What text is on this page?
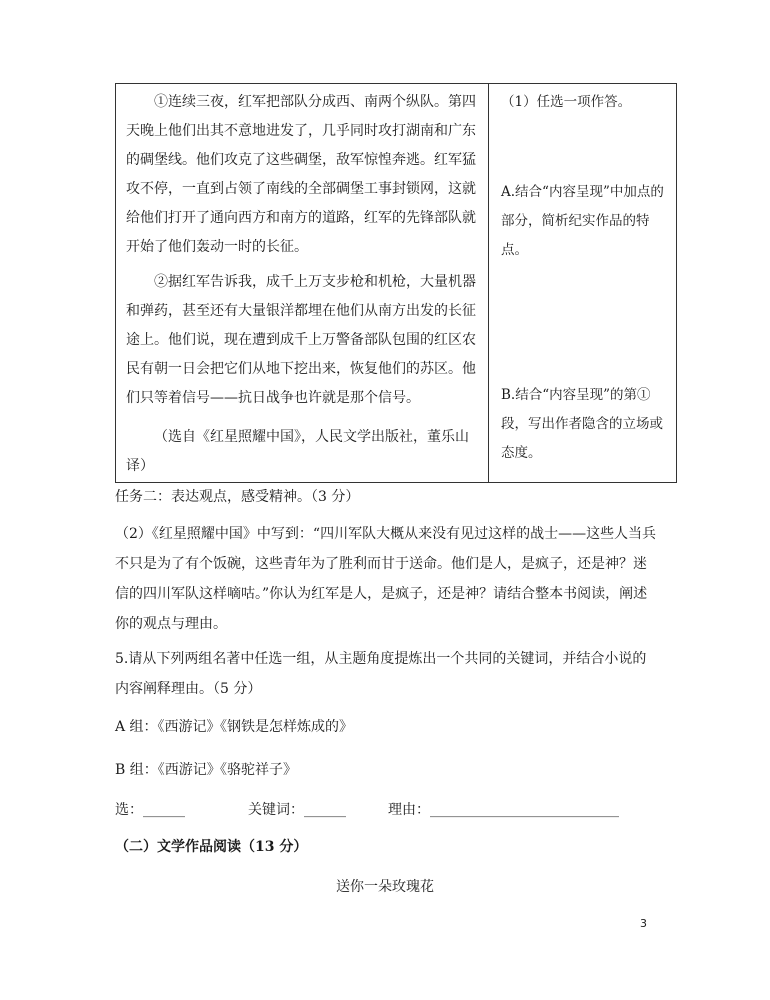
①连续三夜，红军把部队分成西、南两个纵队。第四天晚上他们出其不意地进发了，几乎同时攻打湖南和广东的碉堡线。他们攻克了这些碉堡，敌军惊惶奔逃。红军猛攻不停，一直到占领了南线的全部碉堡工事封锁网，这就给他们打开了通向西方和南方的道路，红军的先锋部队就开始了他们轰动一时的长征。

②据红军告诉我，成千上万支步枪和机枪，大量机器和弹药，甚至还有大量银洋都埋在他们从南方出发的长征途上。他们说，现在遭到成千上万警备部队包围的红区农民有朝一日会把它们从地下挖出来，恢复他们的苏区。他们只等着信号——抗日战争也许就是那个信号。

（选自《红星照耀中国》，人民文学出版社，董乐山译）

（1）任选一项作答。

A.结合“内容呈现”中加点的部分，简析纪实作品的特点。

B.结合“内容呈现”的第①段，写出作者隐含的立场或态度。

任务二：表达观点，感受精神。（3 分）
（2）《红星照耀中国》中写到：“四川军队大概从来没有见过这样的战士——这些人当兵不只是为了有个饭碗，这些青年为了胜利而甘于送命。他们是人，是疯子，还是神？迷信的四川军队这样嘀咕。”你认为红军是人，是疯子，还是神？请结合整本书阅读，阐述你的观点与理由。
5.请从下列两组名著中任选一组，从主题角度提炼出一个共同的关键词，并结合小说的内容阐释理由。（5 分）
A 组：《西游记》《钢铁是怎样炼成的》
B 组：《西游记》《骆驼祥子》
选：______	关键词：______	理由：___________________________
（二）文学作品阅读（13 分）
送你一朵玫瑰花
3
